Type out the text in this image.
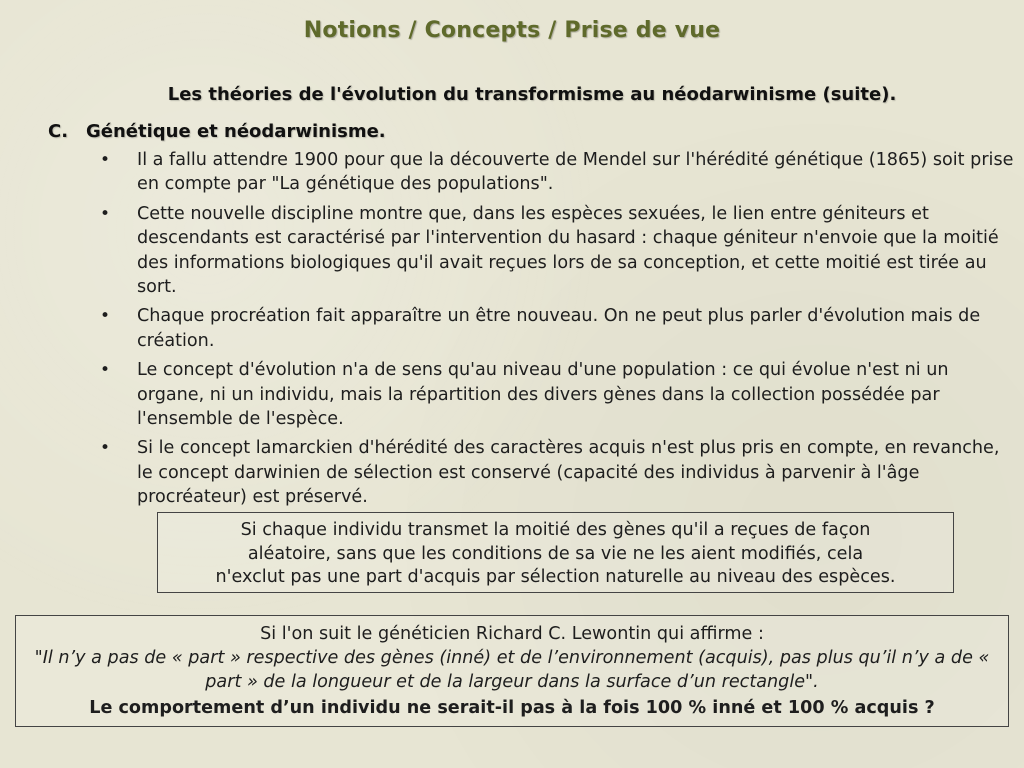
Notions / Concepts / Prise de vue
Les théories de l'évolution du transformisme au néodarwinisme (suite).
C. Génétique et néodarwinisme.
• Il a fallu attendre 1900 pour que la découverte de Mendel sur l'hérédité génétique (1865) soit prise en compte par "La génétique des populations".
• Cette nouvelle discipline montre que, dans les espèces sexuées, le lien entre géniteurs et descendants est caractérisé par l'intervention du hasard : chaque géniteur n'envoie que la moitié des informations biologiques qu'il avait reçues lors de sa conception, et cette moitié est tirée au sort.
• Chaque procréation fait apparaître un être nouveau. On ne peut plus parler d'évolution mais de création.
• Le concept d'évolution n'a de sens qu'au niveau d'une population : ce qui évolue n'est ni un organe, ni un individu, mais la répartition des divers gènes dans la collection possédée par l'ensemble de l'espèce.
• Si le concept lamarckien d'hérédité des caractères acquis n'est plus pris en compte, en revanche, le concept darwinien de sélection est conservé (capacité des individus à parvenir à l'âge procréateur) est préservé.
Si chaque individu transmet la moitié des gènes qu'il a reçues de façon
aléatoire, sans que les conditions de sa vie ne les aient modifiés, cela
n'exclut pas une part d'acquis par sélection naturelle au niveau des espèces.
Si l'on suit le généticien Richard C. Lewontin qui affirme :
"Il n’y a pas de « part » respective des gènes (inné) et de l’environnement (acquis), pas plus qu’il n’y a de « part » de la longueur et de la largeur dans la surface d’un rectangle".
Le comportement d’un individu ne serait-il pas à la fois 100 % inné et 100 % acquis ?
